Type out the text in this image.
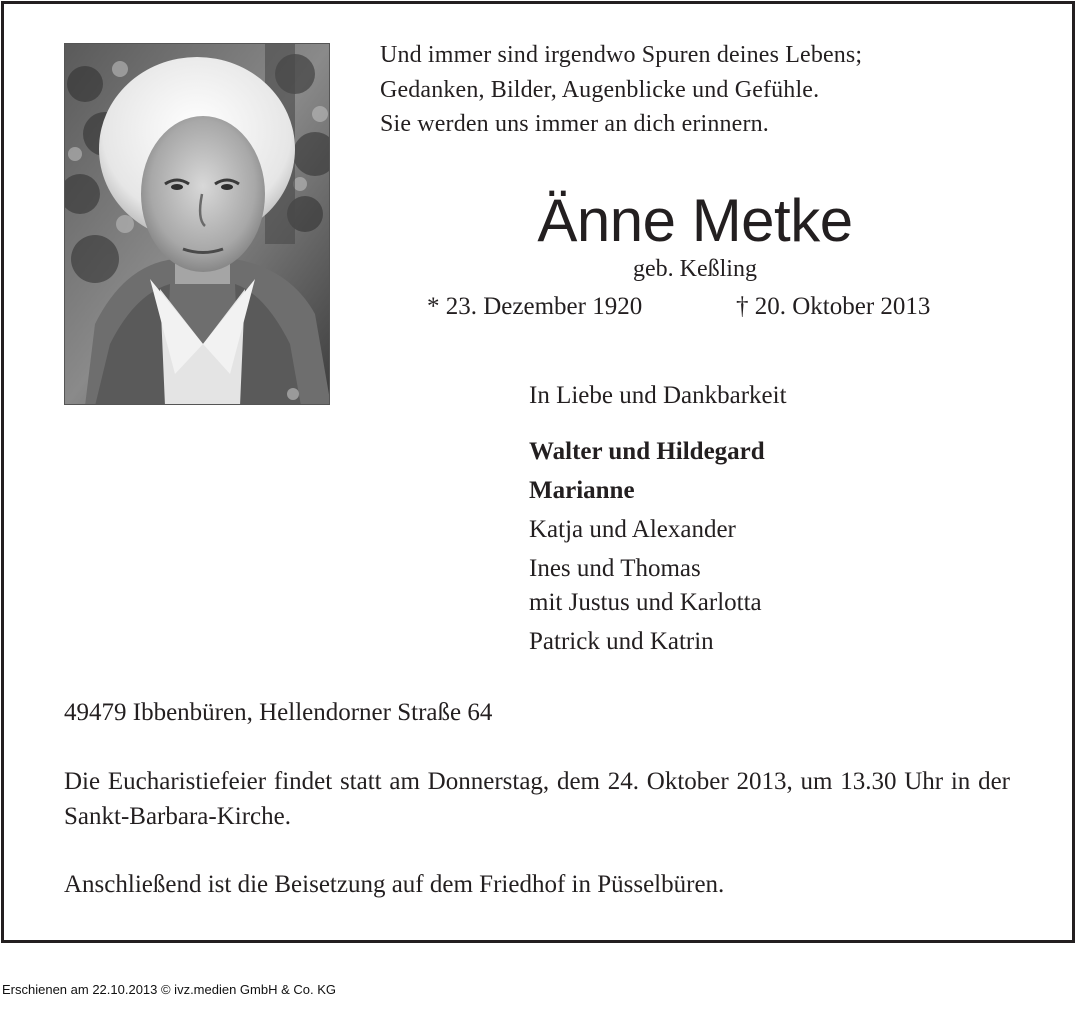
Und immer sind irgendwo Spuren deines Lebens;
Gedanken, Bilder, Augenblicke und Gefühle.
Sie werden uns immer an dich erinnern.
Änne Metke
geb. Keßling
* 23. Dezember 1920	† 20. Oktober 2013
In Liebe und Dankbarkeit
Walter und Hildegard
Marianne
Katja und Alexander
Ines und Thomas
mit Justus und Karlotta
Patrick und Katrin
49479 Ibbenbüren, Hellendorner Straße 64
Die Eucharistiefeier findet statt am Donnerstag, dem 24. Oktober 2013, um 13.30 Uhr in der Sankt-Barbara-Kirche.
Anschließend ist die Beisetzung auf dem Friedhof in Püsselbüren.
Erschienen am 22.10.2013 © ivz.medien GmbH & Co. KG
